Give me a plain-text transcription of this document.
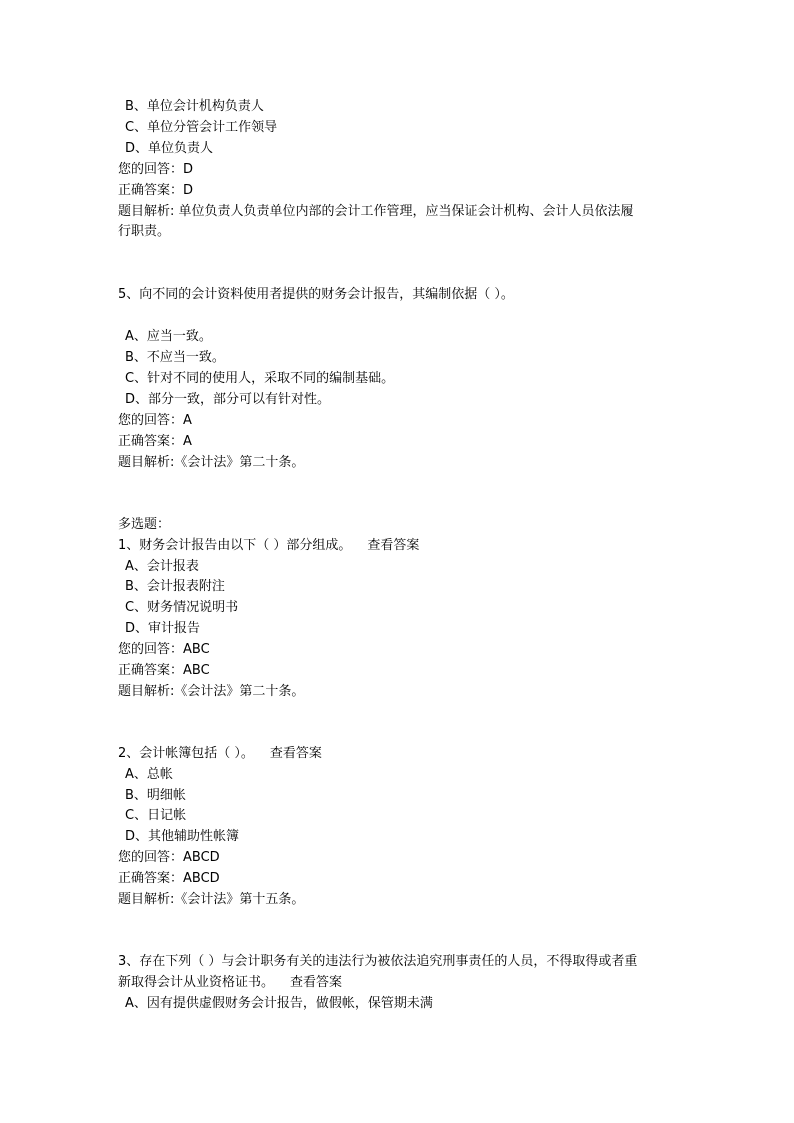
B、单位会计机构负责人
C、单位分管会计工作领导
D、单位负责人
您的回答：D
正确答案：D
题目解析: 单位负责人负责单位内部的会计工作管理，应当保证会计机构、会计人员依法履
行职责。
5、向不同的会计资料使用者提供的财务会计报告，其编制依据（ ）。
A、应当一致。
B、不应当一致。
C、针对不同的使用人，采取不同的编制基础。
D、部分一致，部分可以有针对性。
您的回答：A
正确答案：A
题目解析:《会计法》第二十条。
多选题：
1、财务会计报告由以下（ ）部分组成。 查看答案
A、会计报表
B、会计报表附注
C、财务情况说明书
D、审计报告
您的回答：ABC
正确答案：ABC
题目解析:《会计法》第二十条。
2、会计帐簿包括（ ）。 查看答案
A、总帐
B、明细帐
C、日记帐
D、其他辅助性帐簿
您的回答：ABCD
正确答案：ABCD
题目解析:《会计法》第十五条。
3、存在下列（ ）与会计职务有关的违法行为被依法追究刑事责任的人员，不得取得或者重
新取得会计从业资格证书。 查看答案
A、因有提供虚假财务会计报告，做假帐，保管期未满
